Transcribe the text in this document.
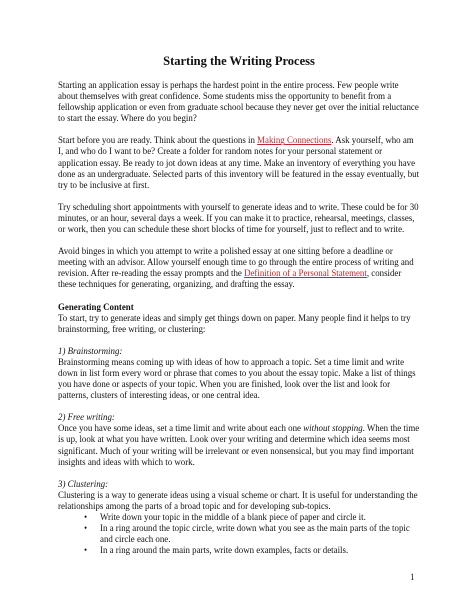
Starting the Writing Process

Starting an application essay is perhaps the hardest point in the entire process. Few people write about themselves with great confidence. Some students miss the opportunity to benefit from a fellowship application or even from graduate school because they never get over the initial reluctance to start the essay. Where do you begin?

Start before you are ready. Think about the questions in Making Connections. Ask yourself, who am I, and who do I want to be? Create a folder for random notes for your personal statement or application essay. Be ready to jot down ideas at any time. Make an inventory of everything you have done as an undergraduate. Selected parts of this inventory will be featured in the essay eventually, but try to be inclusive at first.

Try scheduling short appointments with yourself to generate ideas and to write. These could be for 30 minutes, or an hour, several days a week. If you can make it to practice, rehearsal, meetings, classes, or work, then you can schedule these short blocks of time for yourself, just to reflect and to write.

Avoid binges in which you attempt to write a polished essay at one sitting before a deadline or meeting with an advisor. Allow yourself enough time to go through the entire process of writing and revision. After re-reading the essay prompts and the Definition of a Personal Statement, consider these techniques for generating, organizing, and drafting the essay.

Generating Content

To start, try to generate ideas and simply get things down on paper. Many people find it helps to try brainstorming, free writing, or clustering:

1) Brainstorming:

Brainstorming means coming up with ideas of how to approach a topic. Set a time limit and write down in list form every word or phrase that comes to you about the essay topic. Make a list of things you have done or aspects of your topic. When you are finished, look over the list and look for patterns, clusters of interesting ideas, or one central idea.

2) Free writing:

Once you have some ideas, set a time limit and write about each one without stopping. When the time is up, look at what you have written. Look over your writing and determine which idea seems most significant. Much of your writing will be irrelevant or even nonsensical, but you may find important insights and ideas with which to work.

3) Clustering:

Clustering is a way to generate ideas using a visual scheme or chart. It is useful for understanding the relationships among the parts of a broad topic and for developing sub-topics.

• Write down your topic in the middle of a blank piece of paper and circle it.
• In a ring around the topic circle, write down what you see as the main parts of the topic and circle each one.
• In a ring around the main parts, write down examples, facts or details.
1
